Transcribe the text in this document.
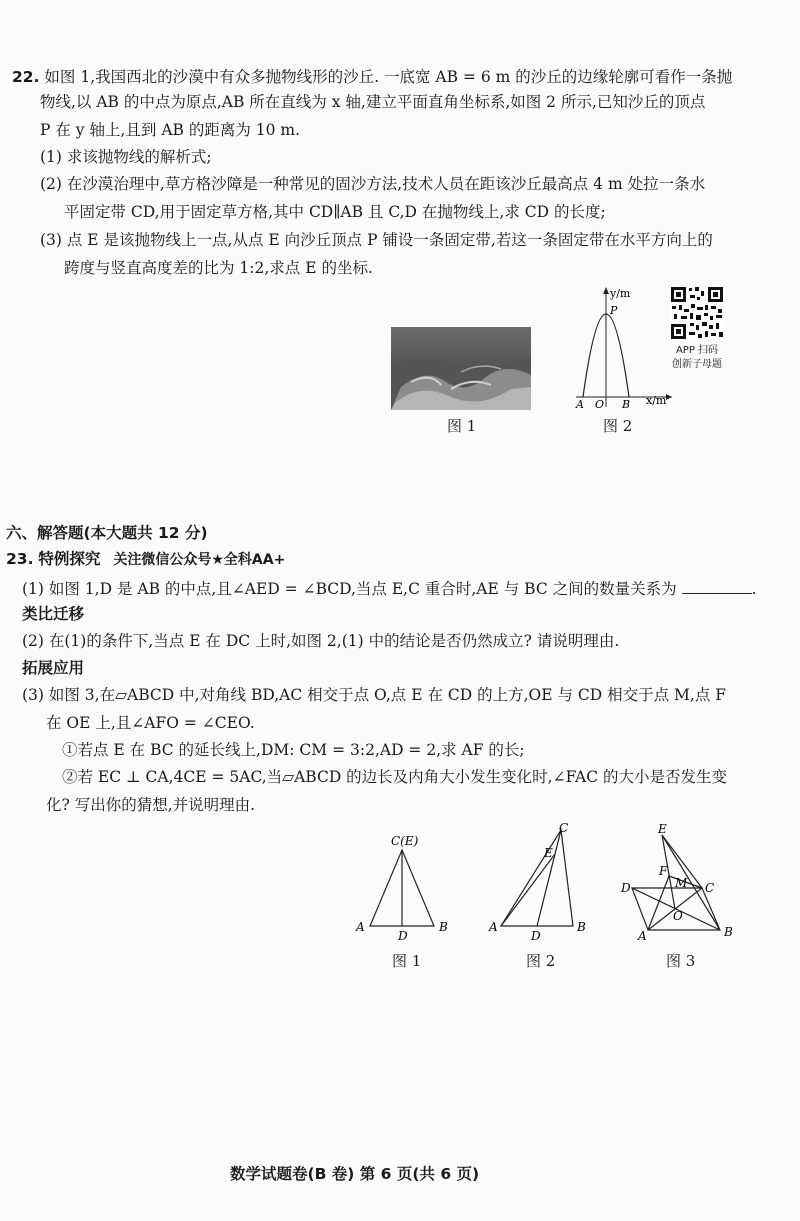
22. 如图 1,我国西北的沙漠中有众多抛物线形的沙丘. 一底宽 AB = 6 m 的沙丘的边缘轮廓可看作一条抛
物线,以 AB 的中点为原点,AB 所在直线为 x 轴,建立平面直角坐标系,如图 2 所示,已知沙丘的顶点
P 在 y 轴上,且到 AB 的距离为 10 m.
(1) 求该抛物线的解析式;
(2) 在沙漠治理中,草方格沙障是一种常见的固沙方法,技术人员在距该沙丘最高点 4 m 处拉一条水
平固定带 CD,用于固定草方格,其中 CD∥AB 且 C,D 在抛物线上,求 CD 的长度;
(3) 点 E 是该抛物线上一点,从点 E 向沙丘顶点 P 铺设一条固定带,若这一条固定带在水平方向上的
跨度与竖直高度差的比为 1:2,求点 E 的坐标.
图 1
y/m
P
A O B x/m
图 2
APP 扫码
创新子母题
六、解答题(本大题共 12 分)
23. 特例探究 关注微信公众号★全科AA+
(1) 如图 1,D 是 AB 的中点,且∠AED = ∠BCD,当点 E,C 重合时,AE 与 BC 之间的数量关系为	.
类比迁移
(2) 在(1)的条件下,当点 E 在 DC 上时,如图 2,(1) 中的结论是否仍然成立? 请说明理由.
拓展应用
(3) 如图 3,在▱ABCD 中,对角线 BD,AC 相交于点 O,点 E 在 CD 的上方,OE 与 CD 相交于点 M,点 F
在 OE 上,且∠AFO = ∠CEO.
①若点 E 在 BC 的延长线上,DM: CM = 3:2,AD = 2,求 AF 的长;
②若 EC ⊥ CA,4CE = 5AC,当▱ABCD 的边长及内角大小发生变化时,∠FAC 的大小是否发生变
化? 写出你的猜想,并说明理由.
C(E)
A
D
B
图 1
C
E
A
D
B
图 2
E
F
M
D	C
O
A	B
图 3
数学试题卷(B 卷) 第 6 页(共 6 页)
